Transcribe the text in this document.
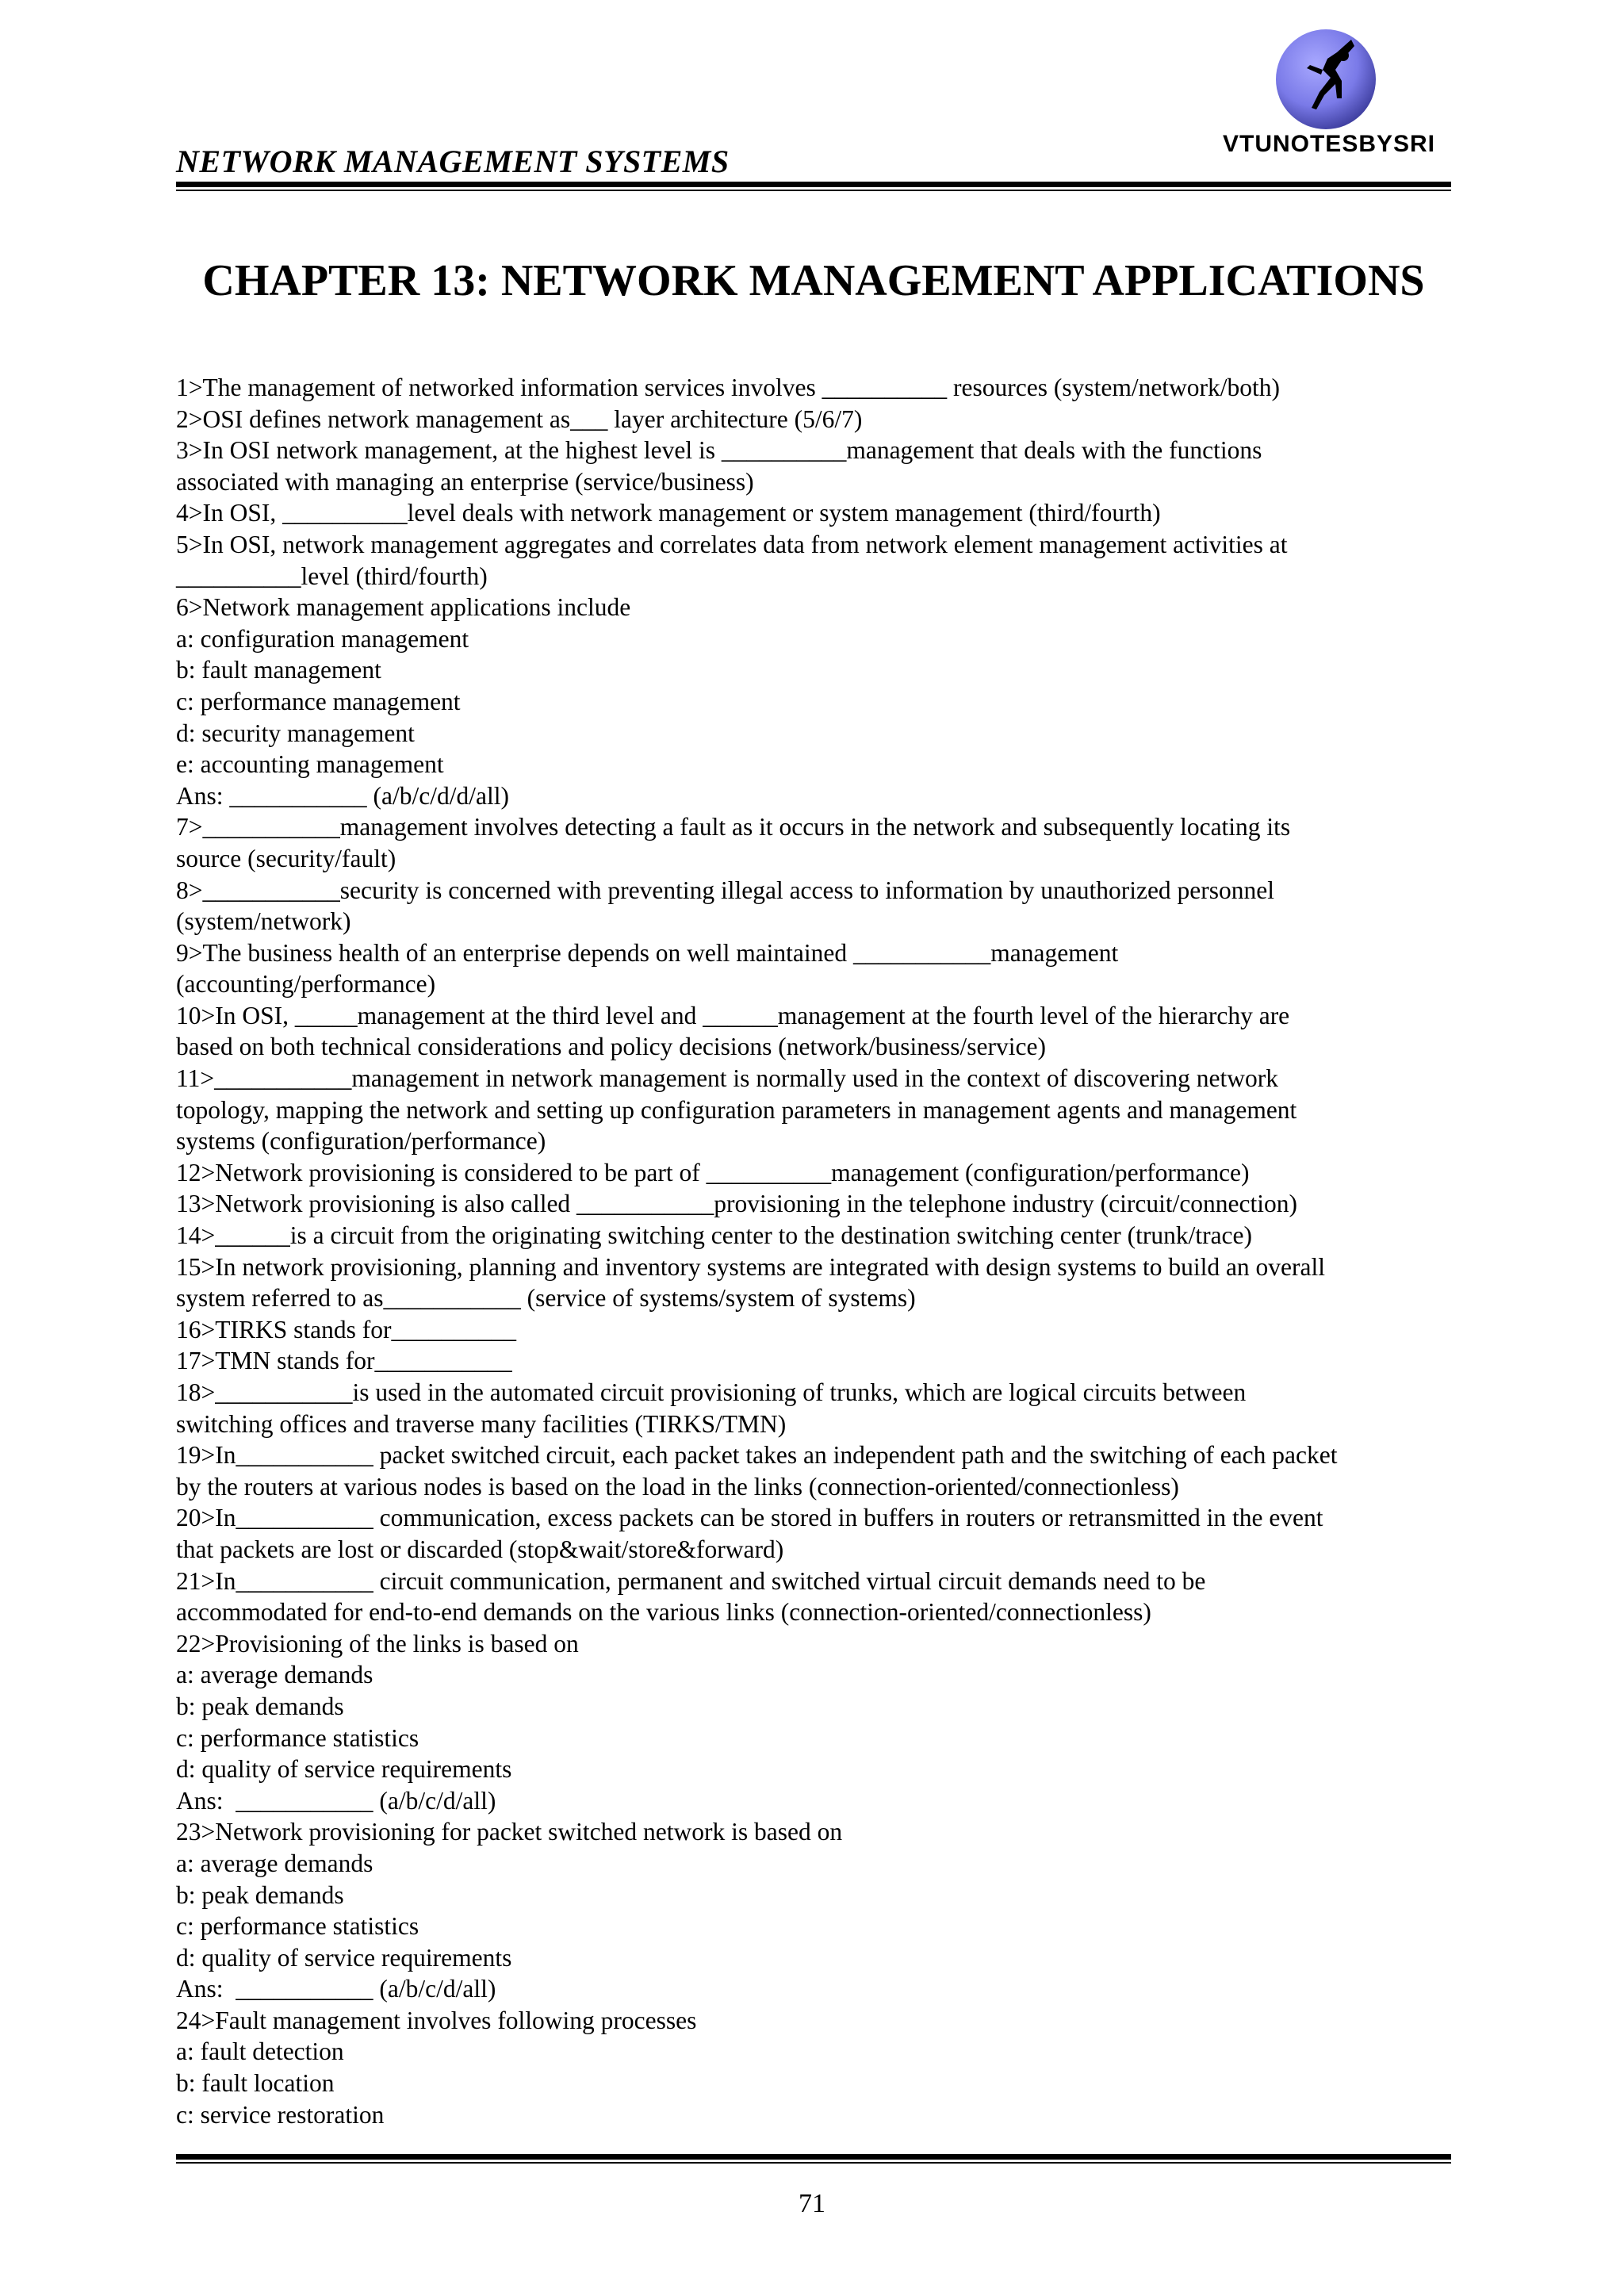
NETWORK MANAGEMENT SYSTEMS	VTUNOTESBYSRI
CHAPTER 13: NETWORK MANAGEMENT APPLICATIONS
1>The management of networked information services involves __________ resources (system/network/both)
2>OSI defines network management as___ layer architecture (5/6/7)
3>In OSI network management, at the highest level is __________management that deals with the functions
associated with managing an enterprise (service/business)
4>In OSI, __________level deals with network management or system management (third/fourth)
5>In OSI, network management aggregates and correlates data from network element management activities at
__________level (third/fourth)
6>Network management applications include
a: configuration management
b: fault management
c: performance management
d: security management
e: accounting management
Ans: ___________ (a/b/c/d/d/all)
7>___________management involves detecting a fault as it occurs in the network and subsequently locating its
source (security/fault)
8>___________security is concerned with preventing illegal access to information by unauthorized personnel
(system/network)
9>The business health of an enterprise depends on well maintained ___________management
(accounting/performance)
10>In OSI, _____management at the third level and ______management at the fourth level of the hierarchy are
based on both technical considerations and policy decisions (network/business/service)
11>___________management in network management is normally used in the context of discovering network
topology, mapping the network and setting up configuration parameters in management agents and management
systems (configuration/performance)
12>Network provisioning is considered to be part of __________management (configuration/performance)
13>Network provisioning is also called ___________provisioning in the telephone industry (circuit/connection)
14>______is a circuit from the originating switching center to the destination switching center (trunk/trace)
15>In network provisioning, planning and inventory systems are integrated with design systems to build an overall
system referred to as___________ (service of systems/system of systems)
16>TIRKS stands for__________
17>TMN stands for___________
18>___________is used in the automated circuit provisioning of trunks, which are logical circuits between
switching offices and traverse many facilities (TIRKS/TMN)
19>In___________ packet switched circuit, each packet takes an independent path and the switching of each packet
by the routers at various nodes is based on the load in the links (connection-oriented/connectionless)
20>In___________ communication, excess packets can be stored in buffers in routers or retransmitted in the event
that packets are lost or discarded (stop&wait/store&forward)
21>In___________ circuit communication, permanent and switched virtual circuit demands need to be
accommodated for end-to-end demands on the various links (connection-oriented/connectionless)
22>Provisioning of the links is based on
a: average demands
b: peak demands
c: performance statistics
d: quality of service requirements
Ans:  ___________ (a/b/c/d/all)
23>Network provisioning for packet switched network is based on
a: average demands
b: peak demands
c: performance statistics
d: quality of service requirements
Ans:  ___________ (a/b/c/d/all)
24>Fault management involves following processes
a: fault detection
b: fault location
c: service restoration
71
